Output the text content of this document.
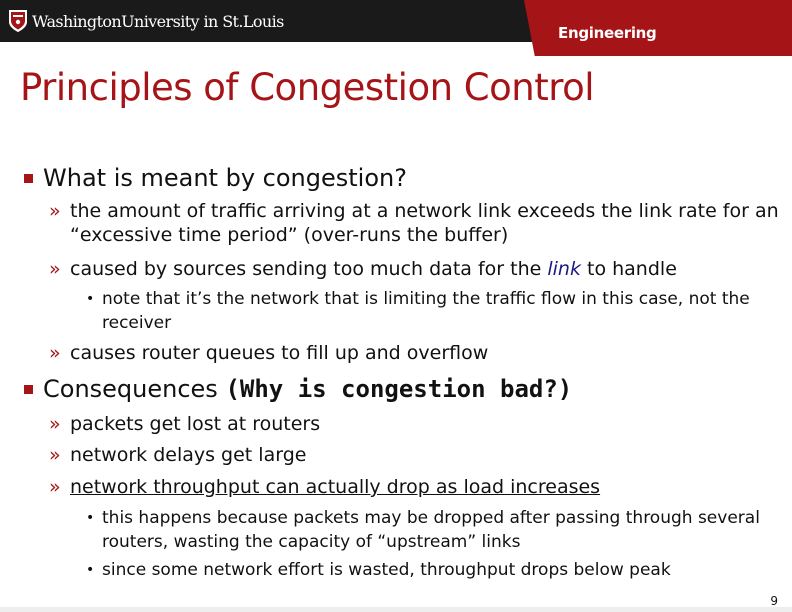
WashingtonUniversity in St.Louis
Engineering
Principles of Congestion Control
What is meant by congestion?
» the amount of traffic arriving at a network link exceeds the link rate for an “excessive time period” (over-runs the buffer)
» caused by sources sending too much data for the link to handle
• note that it’s the network that is limiting the traffic flow in this case, not the receiver
» causes router queues to fill up and overflow
Consequences
(Why is congestion bad?)
» packets get lost at routers
» network delays get large
» network throughput can actually drop as load increases
• this happens because packets may be dropped after passing through several routers, wasting the capacity of “upstream” links
• since some network effort is wasted, throughput drops below peak
9
